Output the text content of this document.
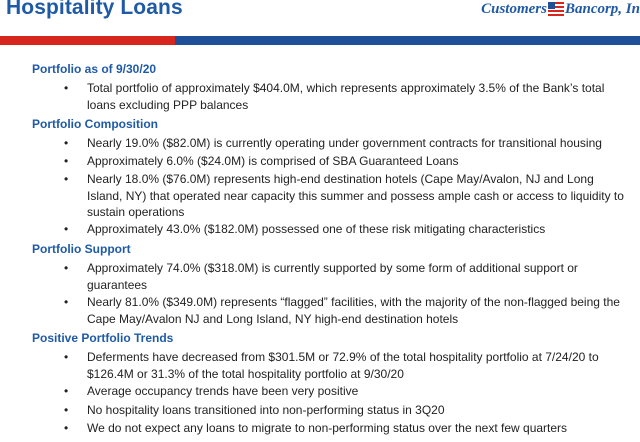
Hospitality Loans	Customers Bancorp, In
Portfolio as of 9/30/20
• Total portfolio of approximately $404.0M, which represents approximately 3.5% of the Bank’s total loans excluding PPP balances
Portfolio Composition
• Nearly 19.0% ($82.0M) is currently operating under government contracts for transitional housing
• Approximately 6.0% ($24.0M) is comprised of SBA Guaranteed Loans
• Nearly 18.0% ($76.0M) represents high-end destination hotels (Cape May/Avalon, NJ and Long Island, NY) that operated near capacity this summer and possess ample cash or access to liquidity to sustain operations
• Approximately 43.0% ($182.0M) possessed one of these risk mitigating characteristics
Portfolio Support
• Approximately 74.0% ($318.0M) is currently supported by some form of additional support or guarantees
• Nearly 81.0% ($349.0M) represents “flagged” facilities, with the majority of the non-flagged being the Cape May/Avalon NJ and Long Island, NY high-end destination hotels
Positive Portfolio Trends
• Deferments have decreased from $301.5M or 72.9% of the total hospitality portfolio at 7/24/20 to $126.4M or 31.3% of the total hospitality portfolio at 9/30/20
• Average occupancy trends have been very positive
• No hospitality loans transitioned into non-performing status in 3Q20
• We do not expect any loans to migrate to non-performing status over the next few quarters
